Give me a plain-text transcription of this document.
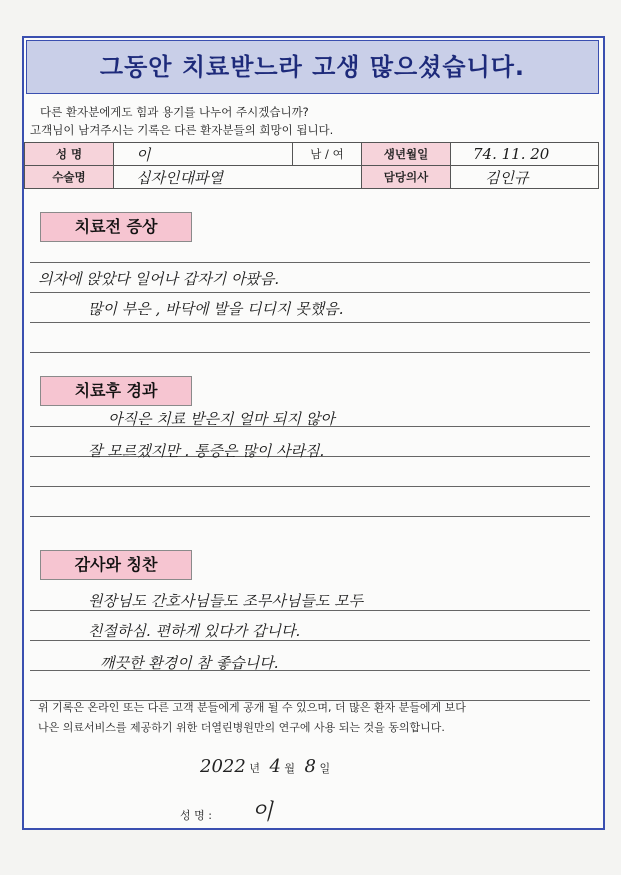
그동안 치료받느라 고생 많으셨습니다.
다른 환자분에게도 힘과 용기를 나누어 주시겠습니까?
고객님이 남겨주시는 기록은 다른 환자분들의 희망이 됩니다.
성 명	이	남 / 여	생년월일	74. 11. 20
수술명	십자인대파열		담당의사	김인규
치료전 증상
의자에 앉았다 일어나 갑자기 아팠음.
많이 부은 , 바닥에 발을 디디지 못했음.
치료후 경과
아직은 치료 받은지 얼마 되지 않아
잘 모르겠지만 . 통증은 많이 사라짐.
감사와 칭찬
원장님도 간호사님들도 조무사님들도 모두
친절하심. 편하게 있다가 갑니다.
깨끗한 환경이 참 좋습니다.
위 기록은 온라인 또는 다른 고객 분들에게 공개 될 수 있으며, 더 많은 환자 분들에게 보다
나은 의료서비스를 제공하기 위한 더열린병원만의 연구에 사용 되는 것을 동의합니다.
2022 년 4 월 8 일
성 명 : 이
